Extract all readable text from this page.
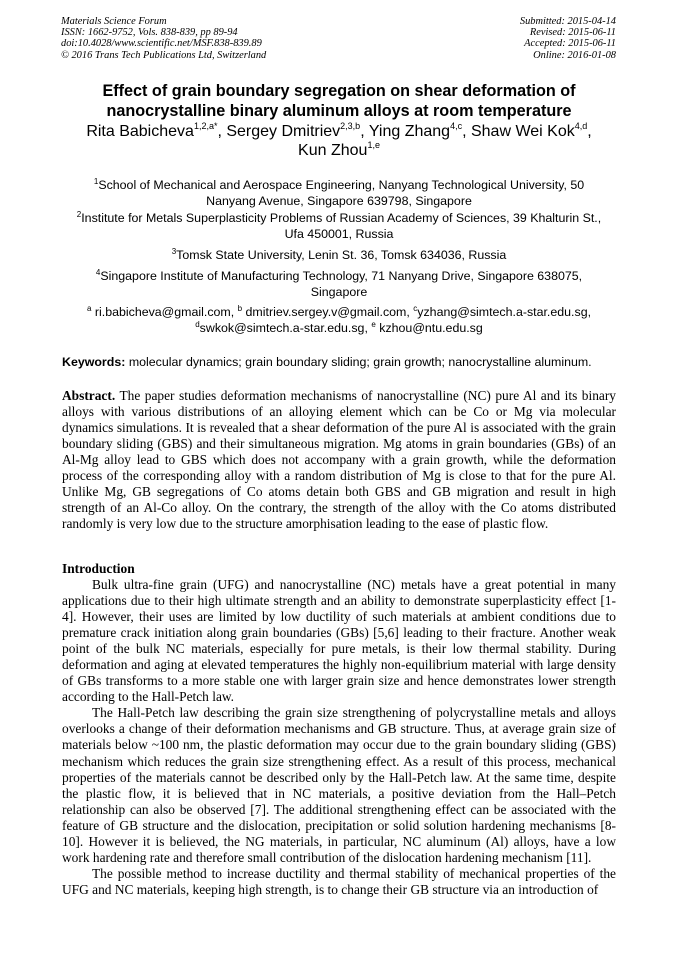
Materials Science Forum
ISSN: 1662-9752, Vols. 838-839, pp 89-94
doi:10.4028/www.scientific.net/MSF.838-839.89
© 2016 Trans Tech Publications Ltd, Switzerland
Submitted: 2015-04-14
Revised: 2015-06-11
Accepted: 2015-06-11
Online: 2016-01-08
Effect of grain boundary segregation on shear deformation of
nanocrystalline binary aluminum alloys at room temperature
Rita Babicheva$^{1,2,a*}$, Sergey Dmitriev$^{2,3,b}$, Ying Zhang$^{4,c}$, Shaw Wei Kok$^{4,d}$,
Kun Zhou$^{1,e}$
$^1$School of Mechanical and Aerospace Engineering, Nanyang Technological University, 50
Nanyang Avenue, Singapore 639798, Singapore
$^2$Institute for Metals Superplasticity Problems of Russian Academy of Sciences, 39 Khalturin St.,
Ufa 450001, Russia
$^3$Tomsk State University, Lenin St. 36, Tomsk 634036, Russia
$^4$Singapore Institute of Manufacturing Technology, 71 Nanyang Drive, Singapore 638075,
Singapore
$^a$ ri.babicheva@gmail.com, $^b$ dmitriev.sergey.v@gmail.com, $^c$yzhang@simtech.a-star.edu.sg,
$^d$swkok@simtech.a-star.edu.sg, $^e$ kzhou@ntu.edu.sg
Keywords: molecular dynamics; grain boundary sliding; grain growth; nanocrystalline aluminum.
Abstract. The paper studies deformation mechanisms of nanocrystalline (NC) pure Al and its binary alloys with various distributions of an alloying element which can be Co or Mg via molecular dynamics simulations. It is revealed that a shear deformation of the pure Al is associated with the grain boundary sliding (GBS) and their simultaneous migration. Mg atoms in grain boundaries (GBs) of an Al-Mg alloy lead to GBS which does not accompany with a grain growth, while the deformation process of the corresponding alloy with a random distribution of Mg is close to that for the pure Al. Unlike Mg, GB segregations of Co atoms detain both GBS and GB migration and result in high strength of an Al-Co alloy. On the contrary, the strength of the alloy with the Co atoms distributed randomly is very low due to the structure amorphisation leading to the ease of plastic flow.
Introduction

Bulk ultra-fine grain (UFG) and nanocrystalline (NC) metals have a great potential in many applications due to their high ultimate strength and an ability to demonstrate superplasticity effect [1-4]. However, their uses are limited by low ductility of such materials at ambient conditions due to premature crack initiation along grain boundaries (GBs) [5,6] leading to their fracture. Another weak point of the bulk NC materials, especially for pure metals, is their low thermal stability. During deformation and aging at elevated temperatures the highly non-equilibrium material with large density of GBs transforms to a more stable one with larger grain size and hence demonstrates lower strength according to the Hall-Petch law.

The Hall-Petch law describing the grain size strengthening of polycrystalline metals and alloys overlooks a change of their deformation mechanisms and GB structure. Thus, at average grain size of materials below ~100 nm, the plastic deformation may occur due to the grain boundary sliding (GBS) mechanism which reduces the grain size strengthening effect. As a result of this process, mechanical properties of the materials cannot be described only by the Hall-Petch law. At the same time, despite the plastic flow, it is believed that in NC materials, a positive deviation from the Hall–Petch relationship can also be observed [7]. The additional strengthening effect can be associated with the feature of GB structure and the dislocation, precipitation or solid solution hardening mechanisms [8-10]. However it is believed, the NG materials, in particular, NC aluminum (Al) alloys, have a low work hardening rate and therefore small contribution of the dislocation hardening mechanism [11].

The possible method to increase ductility and thermal stability of mechanical properties of the UFG and NC materials, keeping high strength, is to change their GB structure via an introduction of
